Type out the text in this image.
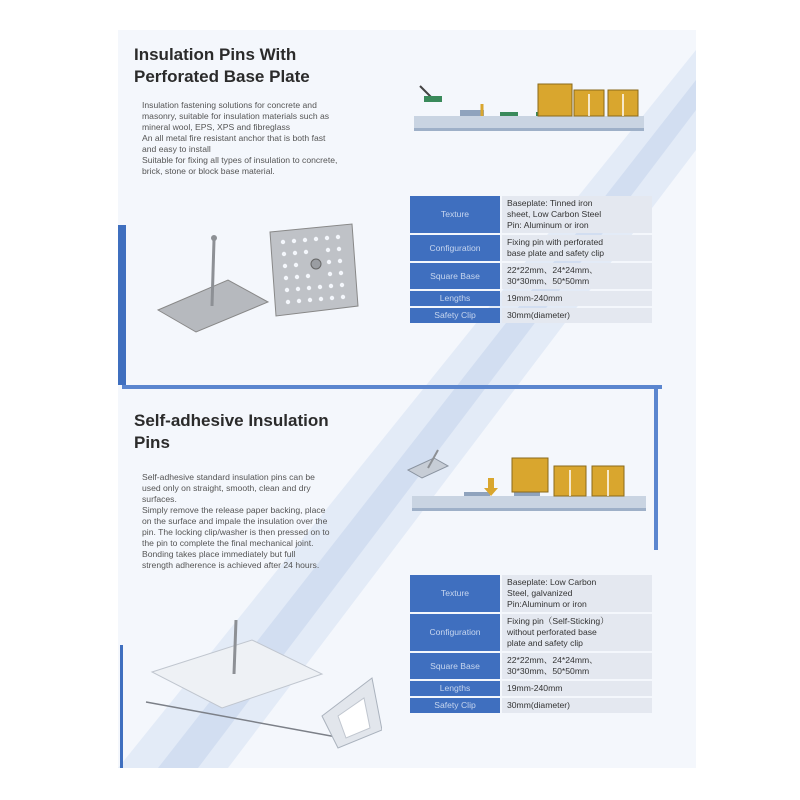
Insulation Pins With
Perforated Base Plate

Insulation fastening solutions for concrete and

masonry, suitable for insulation materials such as

mineral wool, EPS, XPS and fibreglass

An all metal fire resistant anchor that is both fast

and easy to install

Suitable for fixing all types of insulation to concrete,

brick, stone or block base material.

Texture	Baseplate: Tinned iron
sheet, Low Carbon Steel
Pin: Aluminum or iron

Configuration	Fixing pin with perforated
base plate and safety clip

Square Base	22*22mm、24*24mm、
30*30mm、50*50mm

Lengths	19mm-240mm

Safety Clip	30mm(diameter)
Self-adhesive Insulation
Pins

Self-adhesive standard insulation pins can be

used only on straight, smooth, clean and dry

surfaces.

Simply remove the release paper backing, place

on the surface and impale the insulation over the

pin. The locking clip/washer is then pressed on to

the pin to complete the final mechanical joint.

Bonding takes place immediately but full

strength adherence is achieved after 24 hours.

Texture	Baseplate: Low Carbon
Steel, galvanized
Pin:Aluminum or iron

Configuration	Fixing pin（Self-Sticking）
without perforated base
plate and safety clip

Square Base	22*22mm、24*24mm、
30*30mm、50*50mm

Lengths	19mm-240mm

Safety Clip	30mm(diameter)
